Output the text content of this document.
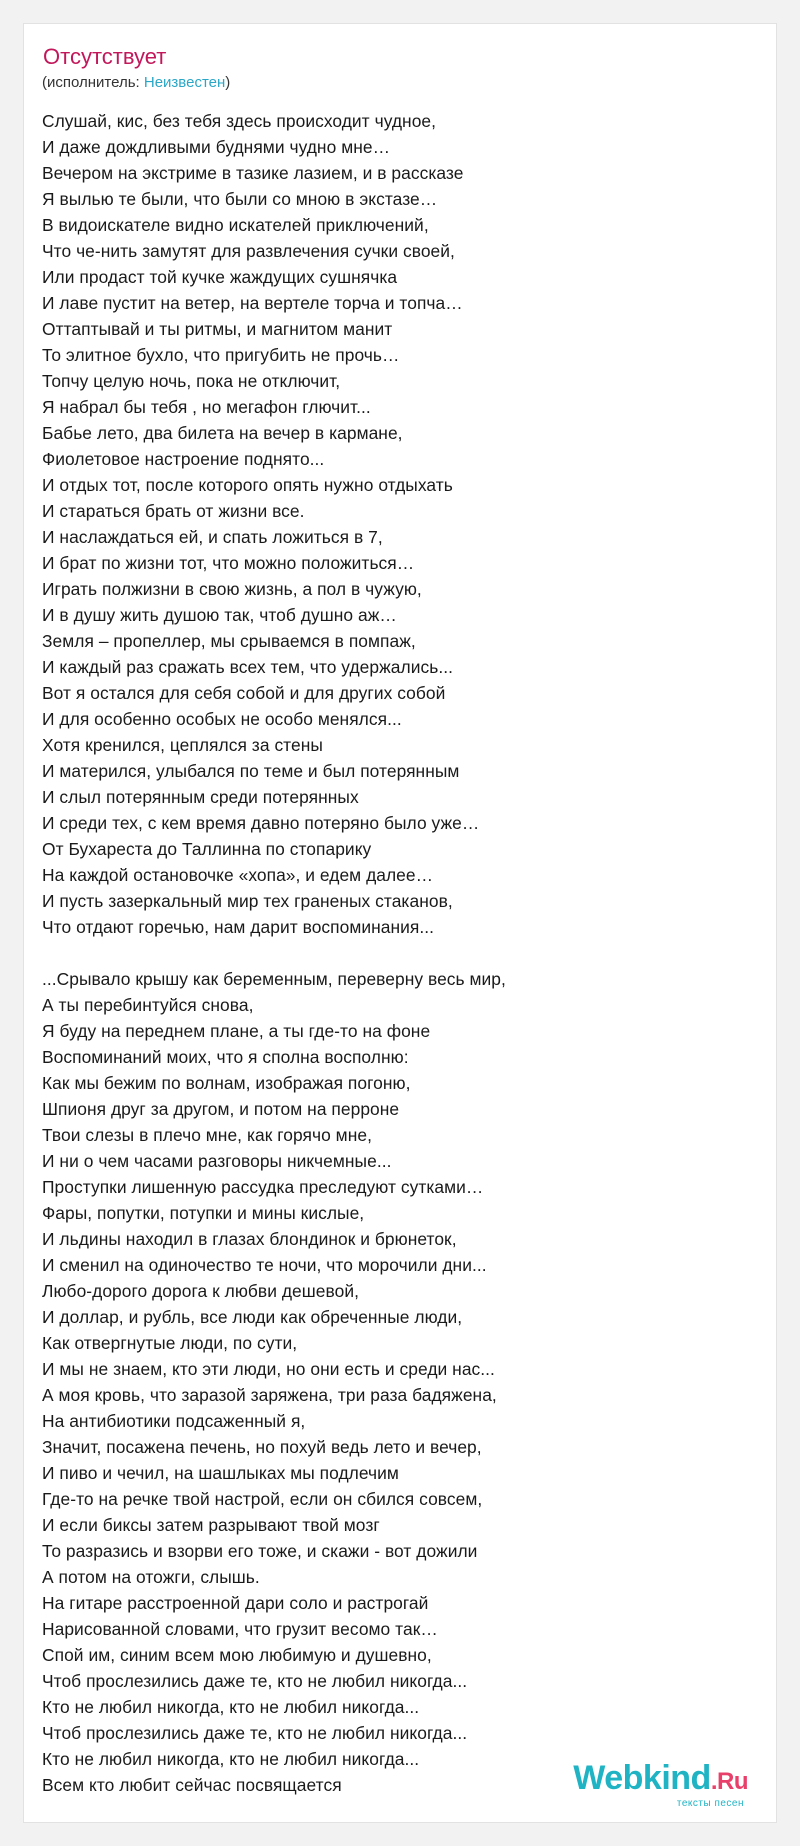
Отсутствует
(исполнитель: Неизвестен)
Слушай, кис, без тебя здесь происходит чудное,
И даже дождливыми буднями чудно мне…
Вечером на экстриме в тазике лазием, и в рассказе
Я вылью те были, что были со мною в экстазе…
В видоискателе видно искателей приключений,
Что че-нить замутят для развлечения сучки своей,
Или продаст той кучке жаждущих сушнячка
И лаве пустит на ветер, на вертеле торча и топча…
Оттаптывай и ты ритмы, и магнитом манит
То элитное бухло, что пригубить не прочь…
Топчу целую ночь, пока не отключит,
Я набрал бы тебя , но мегафон глючит...
Бабье лето, два билета на вечер в кармане,
Фиолетовое настроение поднято...
И отдых тот, после которого опять нужно отдыхать
И стараться брать от жизни все.
И наслаждаться ей, и спать ложиться в 7,
И брат по жизни тот, что можно положиться…
Играть полжизни в свою жизнь, а пол в чужую,
И в душу жить душою так, чтоб душно аж…
Земля – пропеллер, мы срываемся в помпаж,
И каждый раз сражать всех тем, что удержались...
Вот я остался для себя собой и для других собой
И для особенно особых не особо менялся...
Хотя кренился, цеплялся за стены
И матерился, улыбался по теме и был потерянным
И слыл потерянным среди потерянных
И среди тех, с кем время давно потеряно было уже…
От Бухареста до Таллинна по стопарику
На каждой остановочке «хопа», и едем далее…
И пусть зазеркальный мир тех граненых стаканов,
Что отдают горечью, нам дарит воспоминания...
...Срывало крышу как беременным, переверну весь мир,
А ты перебинтуйся снова,
Я буду на переднем плане, а ты где-то на фоне
Воспоминаний моих, что я сполна восполню:
Как мы бежим по волнам, изображая погоню,
Шпионя друг за другом, и потом на перроне
Твои слезы в плечо мне, как горячо мне,
И ни о чем часами разговоры никчемные...
Проступки лишенную рассудка преследуют сутками…
Фары, попутки, потупки и мины кислые,
И льдины находил в глазах блондинок и брюнеток,
И сменил на одиночество те ночи, что морочили дни...
Любо-дорого дорога к любви дешевой,
И доллар, и рубль, все люди как обреченные люди,
Как отвергнутые люди, по сути,
И мы не знаем, кто эти люди, но они есть и среди нас...
А моя кровь, что заразой заряжена, три раза бадяжена,
На антибиотики подсаженный я,
Значит, посажена печень, но похуй ведь лето и вечер,
И пиво и чечил, на шашлыках мы подлечим
Где-то на речке твой настрой, если он сбился совсем,
И если биксы затем разрывают твой мозг
То разразись и взорви его тоже, и скажи - вот дожили
А потом на отожги, слышь.
На гитаре расстроенной дари соло и растрогай
Нарисованной словами, что грузит весомо так…
Спой им, синим всем мою любимую и душевно,
Чтоб прослезились даже те, кто не любил никогда...
Кто не любил никогда, кто не любил никогда...
Чтоб прослезились даже те, кто не любил никогда...
Кто не любил никогда, кто не любил никогда...
Всем кто любит сейчас посвящается	Webkind.Ru
тексты песен
